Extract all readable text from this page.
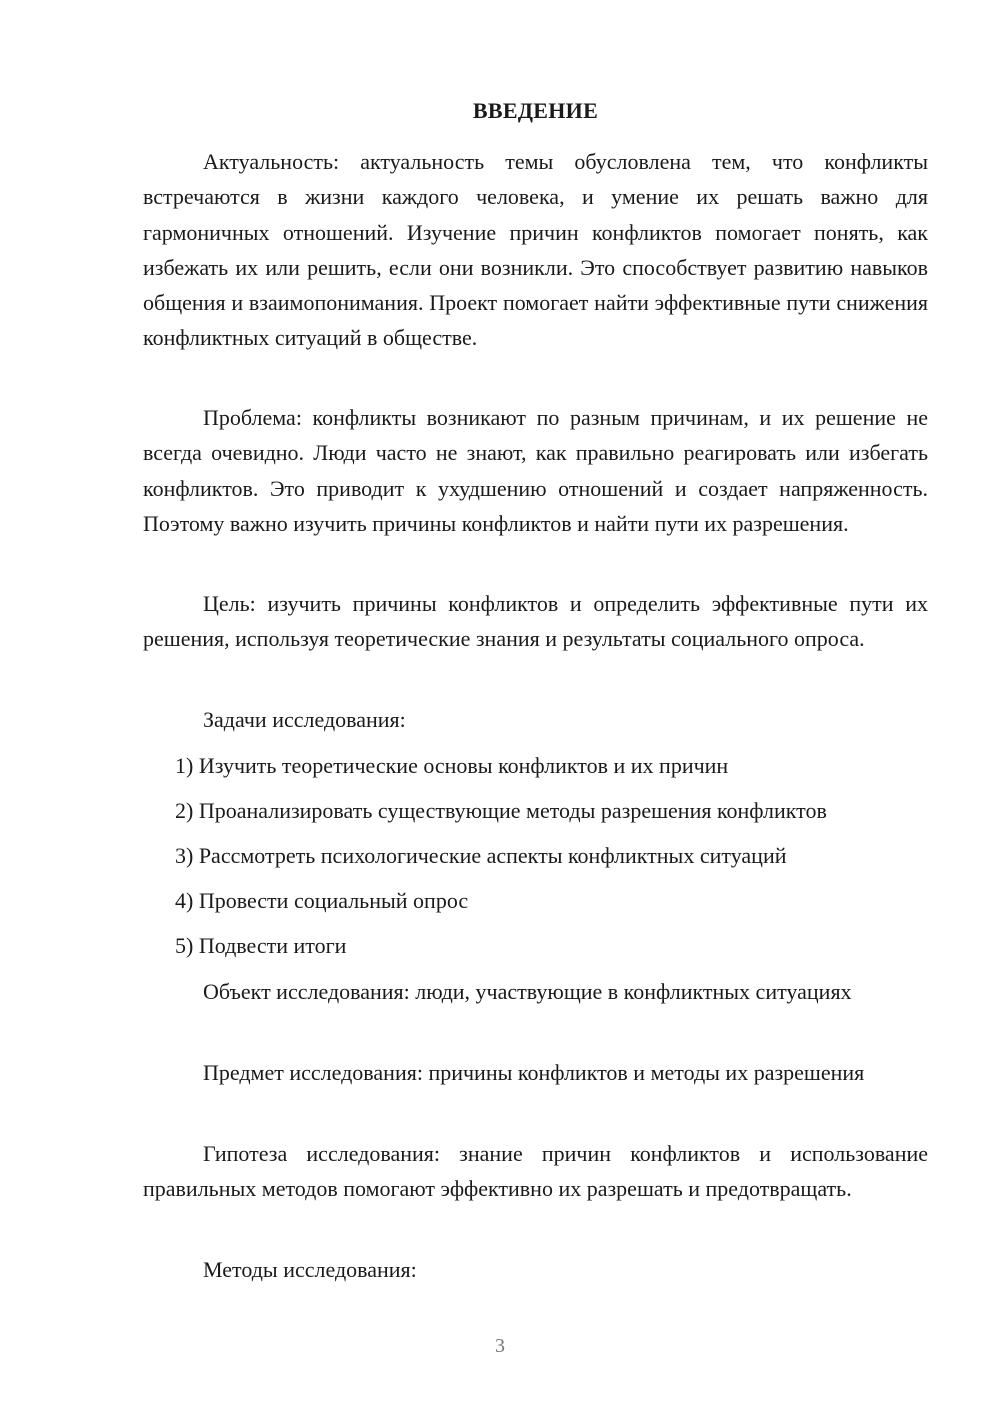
ВВЕДЕНИЕ

Актуальность: актуальность темы обусловлена тем, что конфликты встречаются в жизни каждого человека, и умение их решать важно для гармоничных отношений. Изучение причин конфликтов помогает понять, как избежать их или решить, если они возникли. Это способствует развитию навыков общения и взаимопонимания. Проект помогает найти эффективные пути снижения конфликтных ситуаций в обществе.

Проблема: конфликты возникают по разным причинам, и их решение не всегда очевидно. Люди часто не знают, как правильно реагировать или избегать конфликтов. Это приводит к ухудшению отношений и создает напряженность. Поэтому важно изучить причины конфликтов и найти пути их разрешения.

Цель: изучить причины конфликтов и определить эффективные пути их решения, используя теоретические знания и результаты социального опроса.

Задачи исследования:

1) Изучить теоретические основы конфликтов и их причин
2) Проанализировать существующие методы разрешения конфликтов
3) Рассмотреть психологические аспекты конфликтных ситуаций
4) Провести социальный опрос
5) Подвести итоги

Объект исследования: люди, участвующие в конфликтных ситуациях

Предмет исследования: причины конфликтов и методы их разрешения

Гипотеза исследования: знание причин конфликтов и использование правильных методов помогают эффективно их разрешать и предотвращать.

Методы исследования:

3
